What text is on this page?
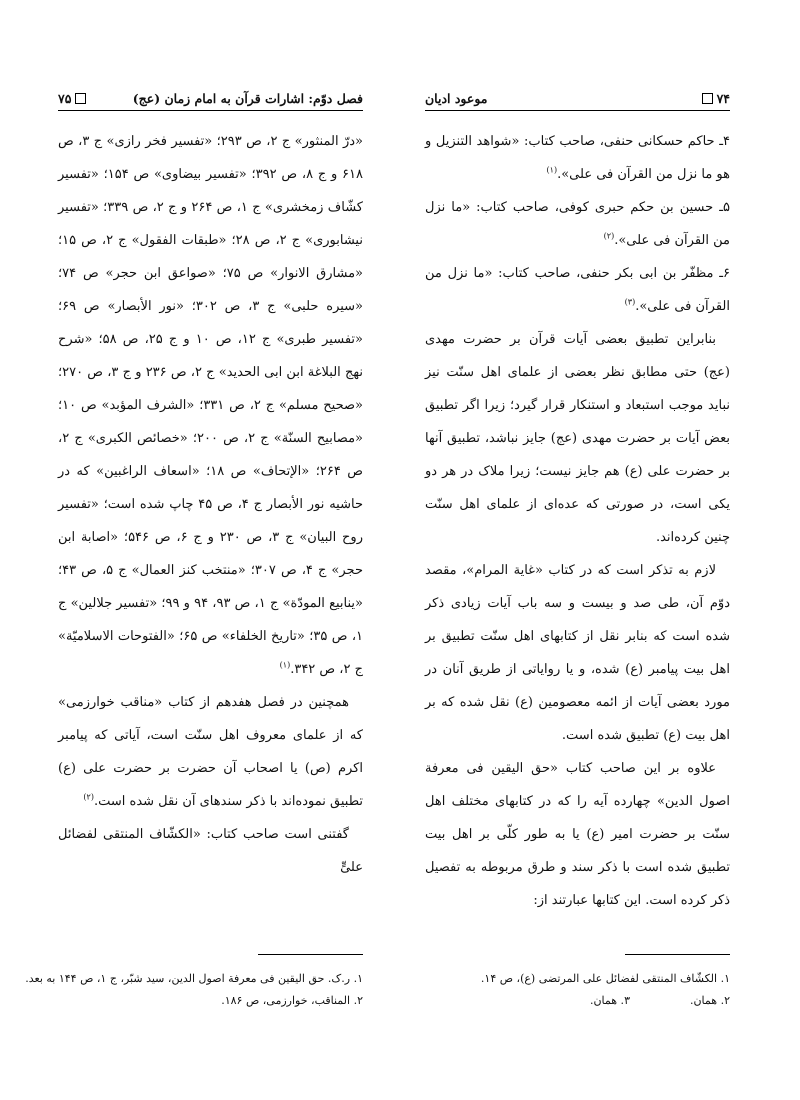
فصل دوّم: اشارات قرآن به امام زمان (عج)
۷۵

«درّ المنثور» ج ۲، ص ۲۹۳؛ «تفسیر فخر رازی» ج ۳، ص ۶۱۸ و ج ۸، ص ۳۹۲؛ «تفسیر بیضاوی» ص ۱۵۴؛ «تفسیر کشّاف زمخشری» ج ۱، ص ۲۶۴ و ج ۲، ص ۳۳۹؛ «تفسیر نیشابوری» ج ۲، ص ۲۸؛ «طبقات الفقول» ج ۲، ص ۱۵؛ «مشارق الانوار» ص ۷۵؛ «صواعق ابن حجر» ص ۷۴؛ «سیره حلبی» ج ۳، ص ۳۰۲؛ «نور الأبصار» ص ۶۹؛ «تفسیر طبری» ج ۱۲، ص ۱۰ و ج ۲۵، ص ۵۸؛ «شرح نهج البلاغة ابن ابی الحدید» ج ۲، ص ۲۳۶ و ج ۳، ص ۲۷۰؛ «صحیح مسلم» ج ۲، ص ۳۳۱؛ «الشرف المؤبد» ص ۱۰؛ «مصابیح السنّة» ج ۲، ص ۲۰۰؛ «خصائص الکبری» ج ۲، ص ۲۶۴؛ «الإتحاف» ص ۱۸؛ «اسعاف الراغبین» که در حاشیه نور الأبصار ج ۴، ص ۴۵ چاپ شده است؛ «تفسیر روح البیان» ج ۳، ص ۲۳۰ و ج ۶، ص ۵۴۶؛ «اصابة ابن حجر» ج ۴، ص ۳۰۷؛ «منتخب کنز العمال» ج ۵، ص ۴۳؛ «ینابیع المودّة» ج ۱، ص ۹۳، ۹۴ و ۹۹؛ «تفسیر جلالین» ج ۱، ص ۳۵؛ «تاریخ الخلفاء» ص ۶۵؛ «الفتوحات الاسلامیّة» ج ۲، ص ۳۴۲.$^{(۱)}$

همچنین در فصل هفدهم از کتاب «مناقب خوارزمی» که از علمای معروف اهل سنّت است، آیاتی که پیامبر اکرم (ص) یا اصحاب آن حضرت بر حضرت علی (ع) تطبیق نموده‌اند با ذکر سندهای آن نقل شده است.$^{(۲)}$

گفتنی است صاحب کتاب: «الکشّاف المنتقی لفضائل علیٍّ

۱. ر.ک. حق الیقین فی معرفة اصول الدین، سید شبّر، ج ۱، ص ۱۴۴ به بعد.
۲. المناقب، خوارزمی، ص ۱۸۶.
موعود ادیان	۷۴

۴ـ حاکم حسکانی حنفی، صاحب کتاب: «شواهد التنزیل و هو ما نزل من القرآن فی علی».$^{(۱)}$

۵ـ حسین بن حکم حبری کوفی، صاحب کتاب: «ما نزل من القرآن فی علی».$^{(۲)}$

۶ـ مظفّر بن ابی بکر حنفی، صاحب کتاب: «ما نزل من القرآن فی علی».$^{(۳)}$

بنابراین تطبیق بعضی آیات قرآن بر حضرت مهدی (عج) حتی مطابق نظر بعضی از علمای اهل سنّت نیز نباید موجب استبعاد و استنکار قرار گیرد؛ زیرا اگر تطبیق بعض آیات بر حضرت مهدی (عج) جایز نباشد، تطبیق آنها بر حضرت علی (ع) هم جایز نیست؛ زیرا ملاک در هر دو یکی است، در صورتی که عده‌ای از علمای اهل سنّت چنین کرده‌اند.

لازم به تذکر است که در کتاب «غایة المرام»، مقصد دوّم آن، طی صد و بیست و سه باب آیات زیادی ذکر شده است که بنابر نقل از کتابهای اهل سنّت تطبیق بر اهل بیت پیامبر (ع) شده، و یا روایاتی از طریق آنان در مورد بعضی آیات از ائمه معصومین (ع) نقل شده که بر اهل بیت (ع) تطبیق شده است.

علاوه بر این صاحب کتاب «حق الیقین فی معرفة اصول الدین» چهارده آیه را که در کتابهای مختلف اهل سنّت بر حضرت امیر (ع) یا به طور کلّی بر اهل بیت تطبیق شده است با ذکر سند و طرق مربوطه به تفصیل ذکر کرده است. این کتابها عبارتند از:

۱. الکشّاف المنتقی لفضائل علی المرتضی (ع)، ص ۱۴.
۲. همان.
۳. همان.
